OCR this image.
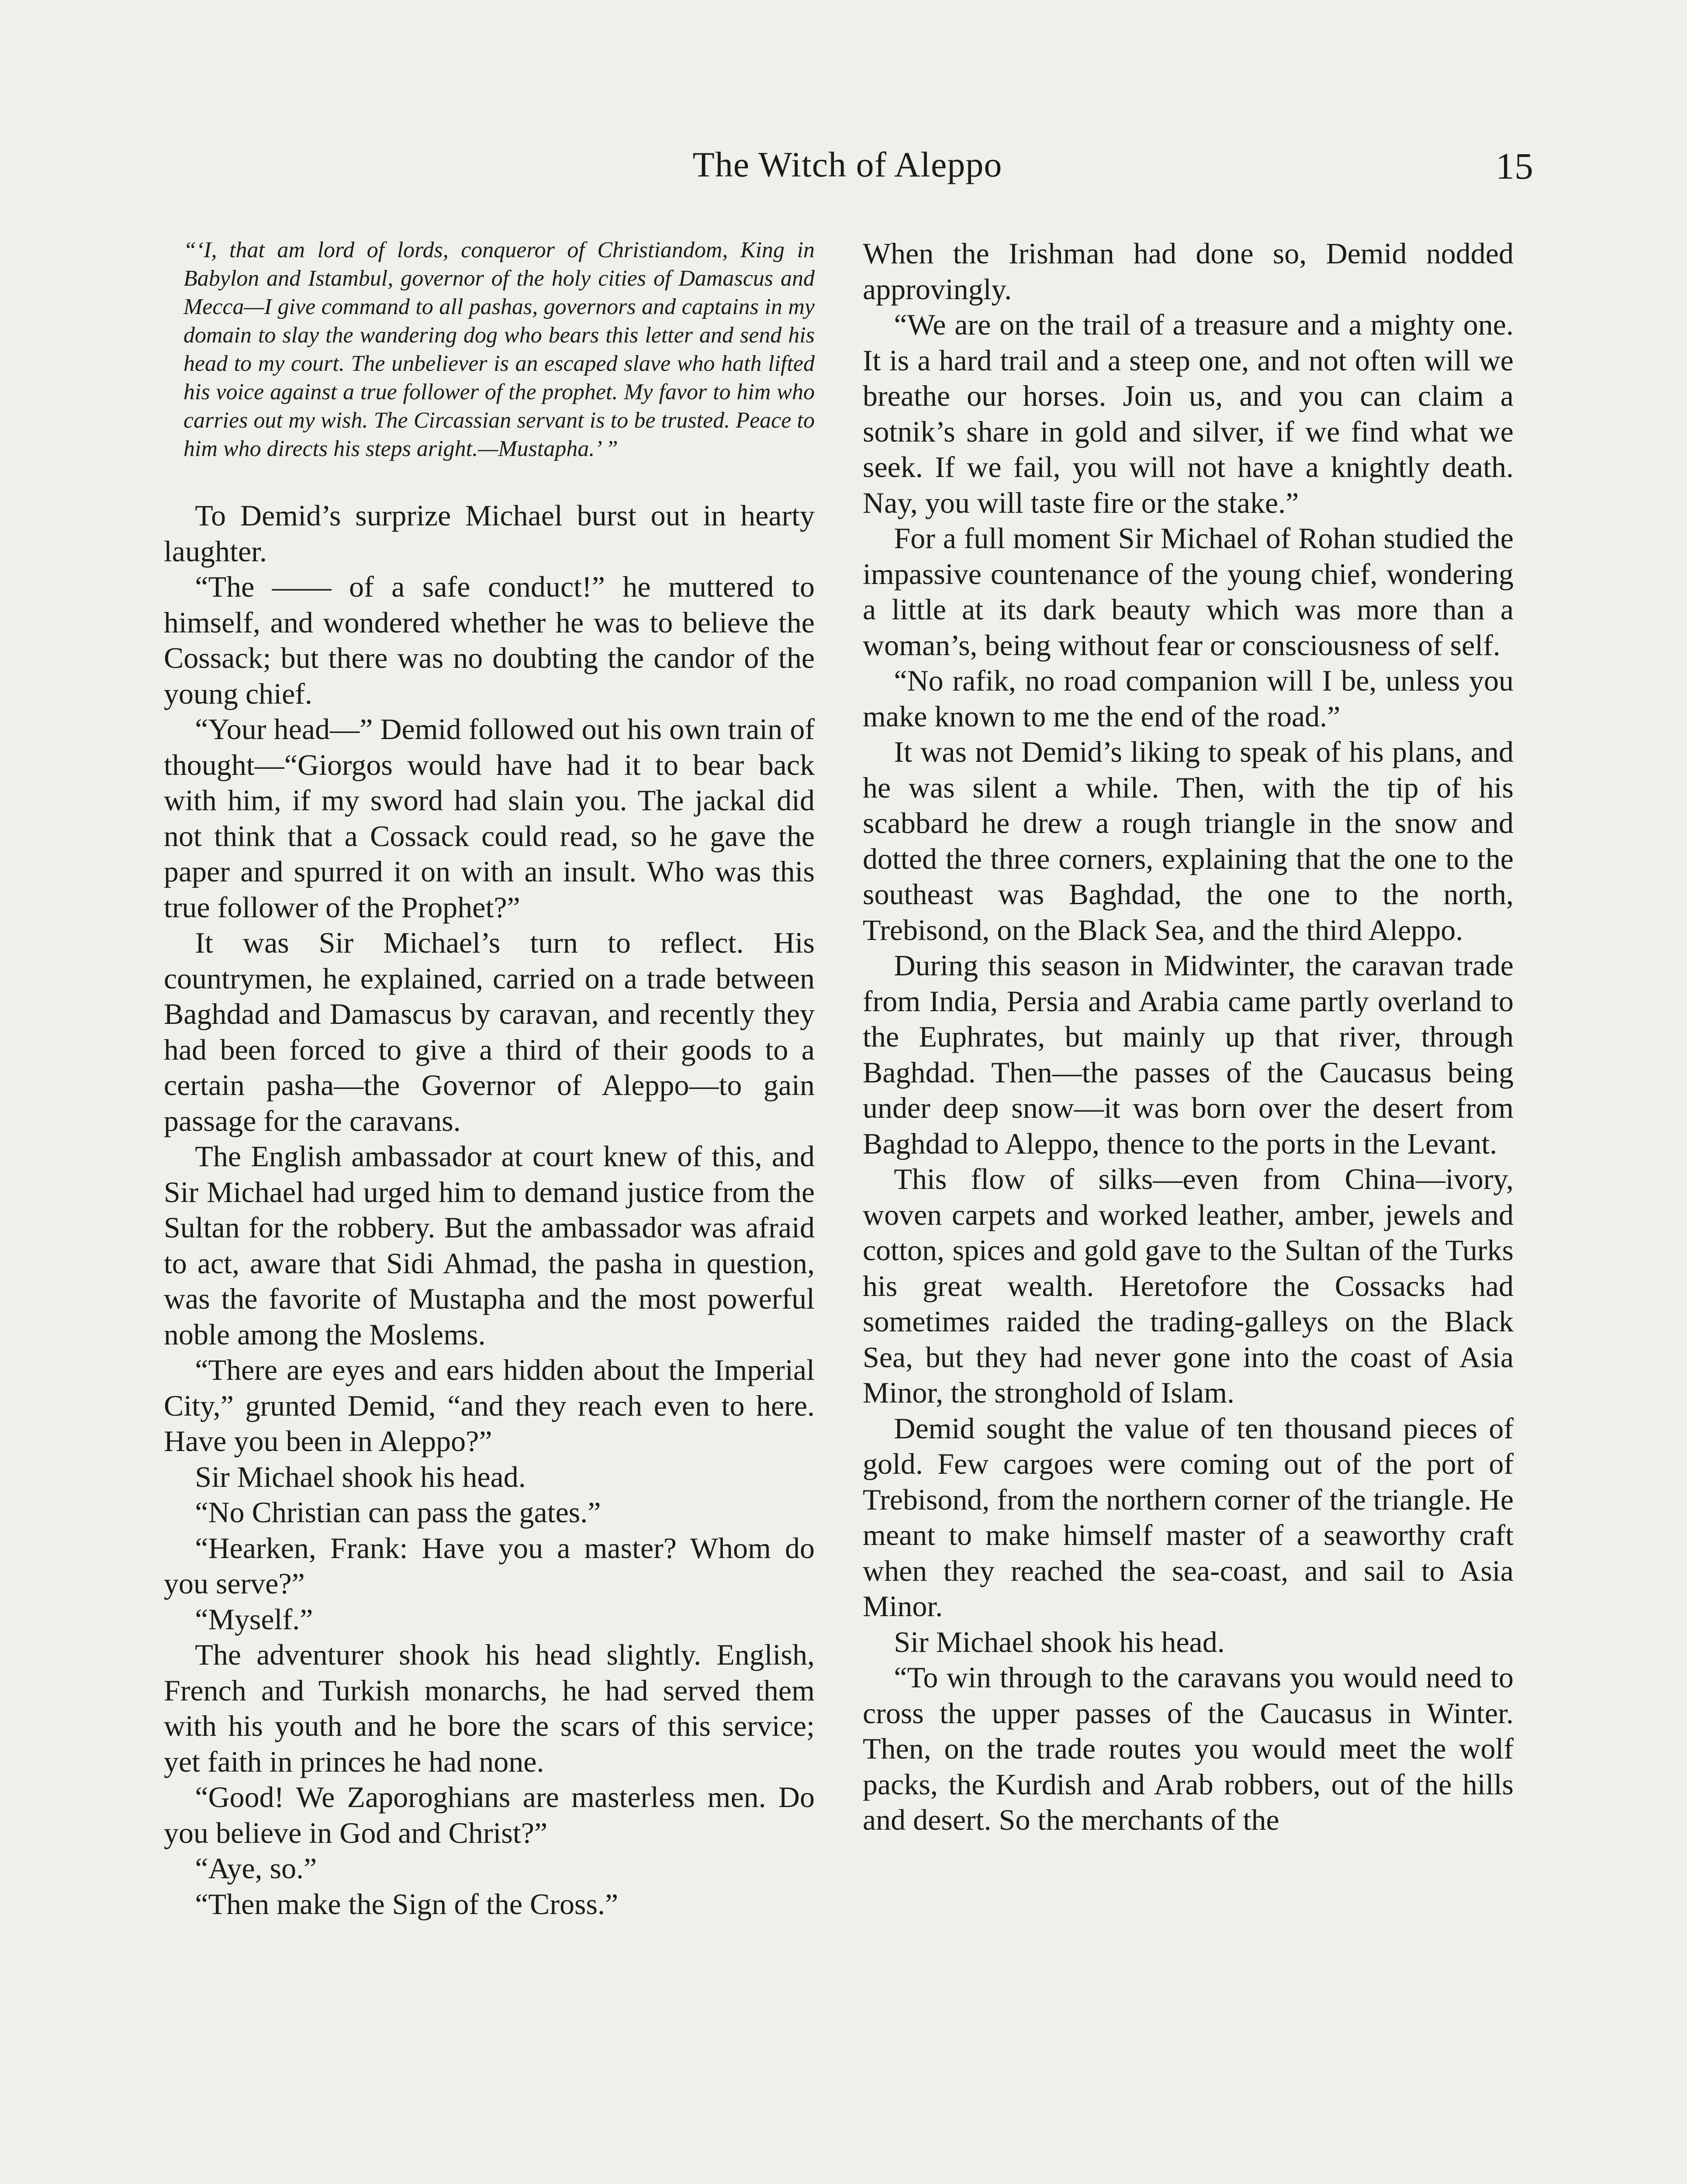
The Witch of Aleppo	15

“‘I, that am lord of lords, conqueror of Christiandom, King in Babylon and Istambul, governor of the holy cities of Damascus and Mecca—I give command to all pashas, governors and captains in my domain to slay the wandering dog who bears this letter and send his head to my court. The unbeliever is an escaped slave who hath lifted his voice against a true follower of the prophet. My favor to him who carries out my wish. The Circassian servant is to be trusted. Peace to him who directs his steps aright.—Mustapha.’ ”

To Demid’s surprize Michael burst out in hearty laughter.

“The —— of a safe conduct!” he muttered to himself, and wondered whether he was to believe the Cossack; but there was no doubting the candor of the young chief.

“Your head—” Demid followed out his own train of thought—“Giorgos would have had it to bear back with him, if my sword had slain you. The jackal did not think that a Cossack could read, so he gave the paper and spurred it on with an insult. Who was this true follower of the Prophet?”

It was Sir Michael’s turn to reflect. His countrymen, he explained, carried on a trade between Baghdad and Damascus by caravan, and recently they had been forced to give a third of their goods to a certain pasha—the Governor of Aleppo—to gain passage for the caravans.

The English ambassador at court knew of this, and Sir Michael had urged him to demand justice from the Sultan for the robbery. But the ambassador was afraid to act, aware that Sidi Ahmad, the pasha in question, was the favorite of Mustapha and the most powerful noble among the Moslems.

“There are eyes and ears hidden about the Imperial City,” grunted Demid, “and they reach even to here. Have you been in Aleppo?”

Sir Michael shook his head.

“No Christian can pass the gates.”

“Hearken, Frank: Have you a master? Whom do you serve?”

“Myself.”

The adventurer shook his head slightly. English, French and Turkish monarchs, he had served them with his youth and he bore the scars of this service; yet faith in princes he had none.

“Good! We Zaporoghians are masterless men. Do you believe in God and Christ?”

“Aye, so.”

“Then make the Sign of the Cross.”

When the Irishman had done so, Demid nodded approvingly.

“We are on the trail of a treasure and a mighty one. It is a hard trail and a steep one, and not often will we breathe our horses. Join us, and you can claim a sotnik’s share in gold and silver, if we find what we seek. If we fail, you will not have a knightly death. Nay, you will taste fire or the stake.”

For a full moment Sir Michael of Rohan studied the impassive countenance of the young chief, wondering a little at its dark beauty which was more than a woman’s, being without fear or consciousness of self.

“No rafik, no road companion will I be, unless you make known to me the end of the road.”

It was not Demid’s liking to speak of his plans, and he was silent a while. Then, with the tip of his scabbard he drew a rough triangle in the snow and dotted the three corners, explaining that the one to the southeast was Baghdad, the one to the north, Trebisond, on the Black Sea, and the third Aleppo.

During this season in Midwinter, the caravan trade from India, Persia and Arabia came partly overland to the Euphrates, but mainly up that river, through Baghdad. Then—the passes of the Caucasus being under deep snow—it was born over the desert from Baghdad to Aleppo, thence to the ports in the Levant.

This flow of silks—even from China—ivory, woven carpets and worked leather, amber, jewels and cotton, spices and gold gave to the Sultan of the Turks his great wealth. Heretofore the Cossacks had sometimes raided the trading-galleys on the Black Sea, but they had never gone into the coast of Asia Minor, the stronghold of Islam.

Demid sought the value of ten thousand pieces of gold. Few cargoes were coming out of the port of Trebisond, from the northern corner of the triangle. He meant to make himself master of a seaworthy craft when they reached the sea-coast, and sail to Asia Minor.

Sir Michael shook his head.

“To win through to the caravans you would need to cross the upper passes of the Caucasus in Winter. Then, on the trade routes you would meet the wolf packs, the Kurdish and Arab robbers, out of the hills and desert. So the merchants of the
